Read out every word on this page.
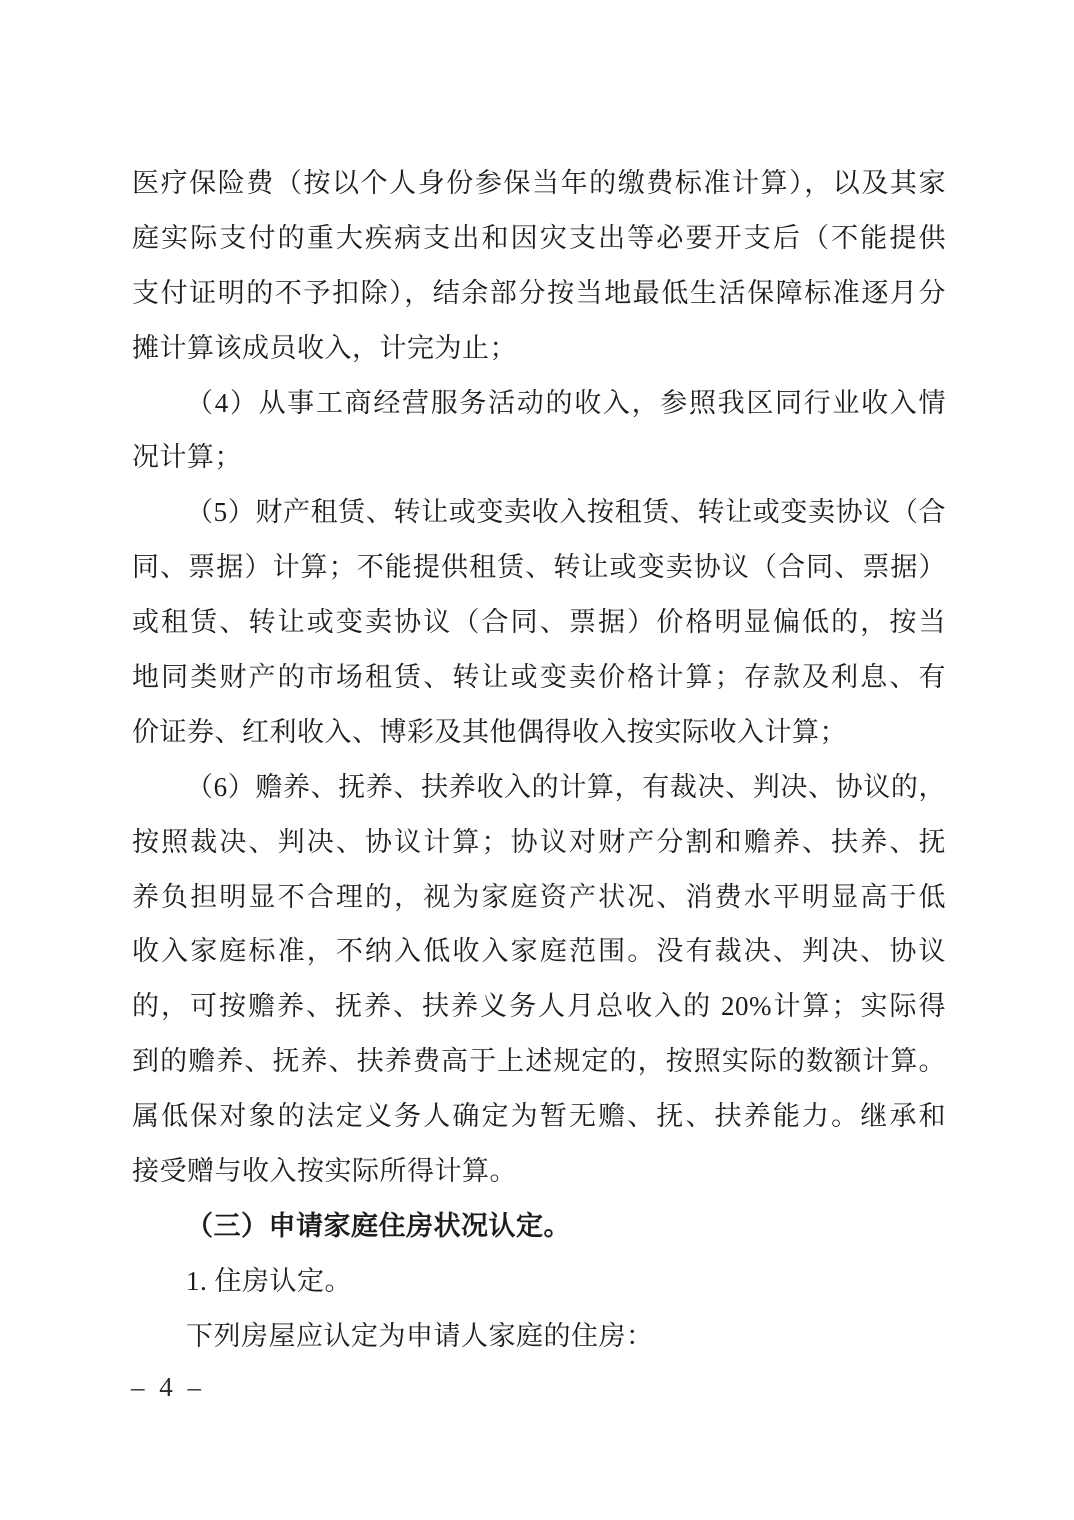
医疗保险费（按以个人身份参保当年的缴费标准计算），以及其家
庭实际支付的重大疾病支出和因灾支出等必要开支后（不能提供
支付证明的不予扣除），结余部分按当地最低生活保障标准逐月分
摊计算该成员收入，计完为止；
（4）从事工商经营服务活动的收入，参照我区同行业收入情
况计算；
（5）财产租赁、转让或变卖收入按租赁、转让或变卖协议（合
同、票据）计算；不能提供租赁、转让或变卖协议（合同、票据）
或租赁、转让或变卖协议（合同、票据）价格明显偏低的，按当
地同类财产的市场租赁、转让或变卖价格计算；存款及利息、有
价证券、红利收入、博彩及其他偶得收入按实际收入计算；
（6）赡养、抚养、扶养收入的计算，有裁决、判决、协议的，
按照裁决、判决、协议计算；协议对财产分割和赡养、扶养、抚
养负担明显不合理的，视为家庭资产状况、消费水平明显高于低
收入家庭标准，不纳入低收入家庭范围。没有裁决、判决、协议
的，可按赡养、抚养、扶养义务人月总收入的 20%计算；实际得
到的赡养、抚养、扶养费高于上述规定的，按照实际的数额计算。
属低保对象的法定义务人确定为暂无赡、抚、扶养能力。继承和
接受赠与收入按实际所得计算。
（三）申请家庭住房状况认定。
1. 住房认定。
下列房屋应认定为申请人家庭的住房：
– 4 –
